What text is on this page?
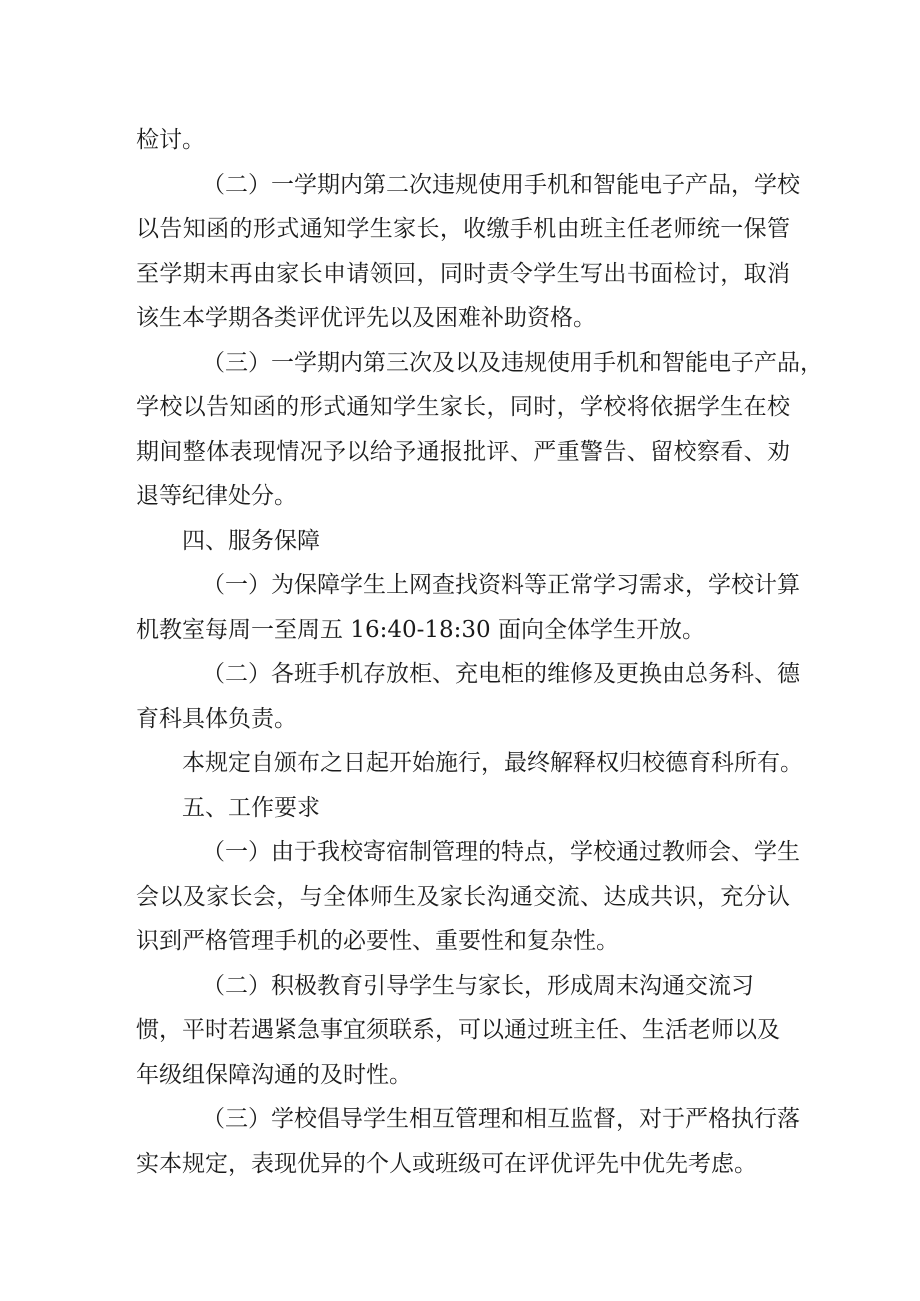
检讨。
（二）一学期内第二次违规使用手机和智能电子产品，学校
以告知函的形式通知学生家长，收缴手机由班主任老师统一保管
至学期末再由家长申请领回，同时责令学生写出书面检讨，取消
该生本学期各类评优评先以及困难补助资格。
（三）一学期内第三次及以及违规使用手机和智能电子产品，
学校以告知函的形式通知学生家长，同时，学校将依据学生在校
期间整体表现情况予以给予通报批评、严重警告、留校察看、劝
退等纪律处分。
四、服务保障
（一）为保障学生上网查找资料等正常学习需求，学校计算
机教室每周一至周五 16:40-18:30 面向全体学生开放。
（二）各班手机存放柜、充电柜的维修及更换由总务科、德
育科具体负责。
本规定自颁布之日起开始施行，最终解释权归校德育科所有。
五、工作要求
（一）由于我校寄宿制管理的特点，学校通过教师会、学生
会以及家长会，与全体师生及家长沟通交流、达成共识，充分认
识到严格管理手机的必要性、重要性和复杂性。
（二）积极教育引导学生与家长，形成周末沟通交流习
惯，平时若遇紧急事宜须联系，可以通过班主任、生活老师以及
年级组保障沟通的及时性。
（三）学校倡导学生相互管理和相互监督，对于严格执行落
实本规定，表现优异的个人或班级可在评优评先中优先考虑。
